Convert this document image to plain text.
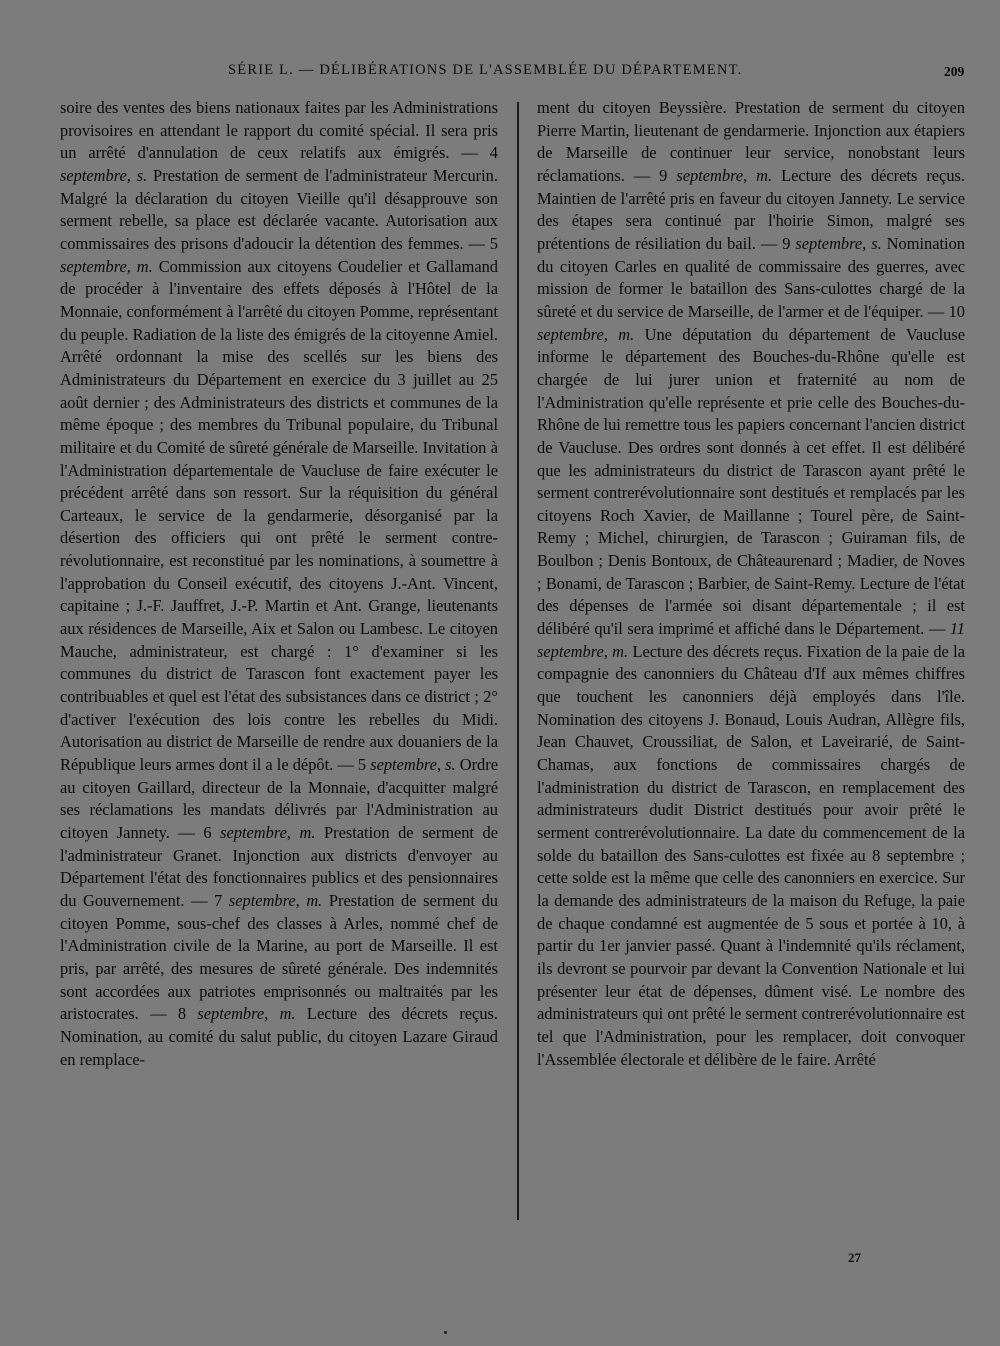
SÉRIE L. — DÉLIBÉRATIONS DE L'ASSEMBLÉE DU DÉPARTEMENT.	209

soire des ventes des biens nationaux faites par les Administrations provisoires en attendant le rapport du comité spécial. Il sera pris un arrêté d'annulation de ceux relatifs aux émigrés. — 4 septembre, s. Prestation de serment de l'administrateur Mercurin. Malgré la déclaration du citoyen Vieille qu'il désapprouve son serment rebelle, sa place est déclarée vacante. Autorisation aux commissaires des prisons d'adoucir la détention des femmes. — 5 septembre, m. Commission aux citoyens Coudelier et Gallamand de procéder à l'inventaire des effets déposés à l'Hôtel de la Monnaie, conformément à l'arrêté du citoyen Pomme, représentant du peuple. Radiation de la liste des émigrés de la citoyenne Amiel. Arrêté ordonnant la mise des scellés sur les biens des Administrateurs du Département en exercice du 3 juillet au 25 août dernier ; des Administrateurs des districts et communes de la même époque ; des membres du Tribunal populaire, du Tribunal militaire et du Comité de sûreté générale de Marseille. Invitation à l'Administration départementale de Vaucluse de faire exécuter le précédent arrêté dans son ressort. Sur la réquisition du général Carteaux, le service de la gendarmerie, désorganisé par la désertion des officiers qui ont prêté le serment contre-révolutionnaire, est reconstitué par les nominations, à soumettre à l'approbation du Conseil exécutif, des citoyens J.-Ant. Vincent, capitaine ; J.-F. Jauffret, J.-P. Martin et Ant. Grange, lieutenants aux résidences de Marseille, Aix et Salon ou Lambesc. Le citoyen Mauche, administrateur, est chargé : 1° d'examiner si les communes du district de Tarascon font exactement payer les contribuables et quel est l'état des subsistances dans ce district ; 2° d'activer l'exécution des lois contre les rebelles du Midi. Autorisation au district de Marseille de rendre aux douaniers de la République leurs armes dont il a le dépôt. — 5 septembre, s. Ordre au citoyen Gaillard, directeur de la Monnaie, d'acquitter malgré ses réclamations les mandats délivrés par l'Administration au citoyen Jannety. — 6 septembre, m. Prestation de serment de l'administrateur Granet. Injonction aux districts d'envoyer au Département l'état des fonctionnaires publics et des pensionnaires du Gouvernement. — 7 septembre, m. Prestation de serment du citoyen Pomme, sous-chef des classes à Arles, nommé chef de l'Administration civile de la Marine, au port de Marseille. Il est pris, par arrêté, des mesures de sûreté générale. Des indemnités sont accordées aux patriotes emprisonnés ou maltraités par les aristocrates. — 8 septembre, m. Lecture des décrets reçus. Nomination, au comité du salut public, du citoyen Lazare Giraud en remplace-

ment du citoyen Beyssière. Prestation de serment du citoyen Pierre Martin, lieutenant de gendarmerie. Injonction aux étapiers de Marseille de continuer leur service, nonobstant leurs réclamations. — 9 septembre, m. Lecture des décrets reçus. Maintien de l'arrêté pris en faveur du citoyen Jannety. Le service des étapes sera continué par l'hoirie Simon, malgré ses prétentions de résiliation du bail. — 9 septembre, s. Nomination du citoyen Carles en qualité de commissaire des guerres, avec mission de former le bataillon des Sans-culottes chargé de la sûreté et du service de Marseille, de l'armer et de l'équiper. — 10 septembre, m. Une députation du département de Vaucluse informe le département des Bouches-du-Rhône qu'elle est chargée de lui jurer union et fraternité au nom de l'Administration qu'elle représente et prie celle des Bouches-du-Rhône de lui remettre tous les papiers concernant l'ancien district de Vaucluse. Des ordres sont donnés à cet effet. Il est délibéré que les administrateurs du district de Tarascon ayant prêté le serment contrerévolutionnaire sont destitués et remplacés par les citoyens Roch Xavier, de Maillanne ; Tourel père, de Saint-Remy ; Michel, chirurgien, de Tarascon ; Guiraman fils, de Boulbon ; Denis Bontoux, de Châteaurenard ; Madier, de Noves ; Bonami, de Tarascon ; Barbier, de Saint-Remy. Lecture de l'état des dépenses de l'armée soi disant départementale ; il est délibéré qu'il sera imprimé et affiché dans le Département. — 11 septembre, m. Lecture des décrets reçus. Fixation de la paie de la compagnie des canonniers du Château d'If aux mêmes chiffres que touchent les canonniers déjà employés dans l'île. Nomination des citoyens J. Bonaud, Louis Audran, Allègre fils, Jean Chauvet, Croussiliat, de Salon, et Laveirarié, de Saint-Chamas, aux fonctions de commissaires chargés de l'administration du district de Tarascon, en remplacement des administrateurs dudit District destitués pour avoir prêté le serment contrerévolutionnaire. La date du commencement de la solde du bataillon des Sans-culottes est fixée au 8 septembre ; cette solde est la même que celle des canonniers en exercice. Sur la demande des administrateurs de la maison du Refuge, la paie de chaque condamné est augmentée de 5 sous et portée à 10, à partir du 1er janvier passé. Quant à l'indemnité qu'ils réclament, ils devront se pourvoir par devant la Convention Nationale et lui présenter leur état de dépenses, dûment visé. Le nombre des administrateurs qui ont prêté le serment contrerévolutionnaire est tel que l'Administration, pour les remplacer, doit convoquer l'Assemblée électorale et délibère de le faire. Arrêté

27
